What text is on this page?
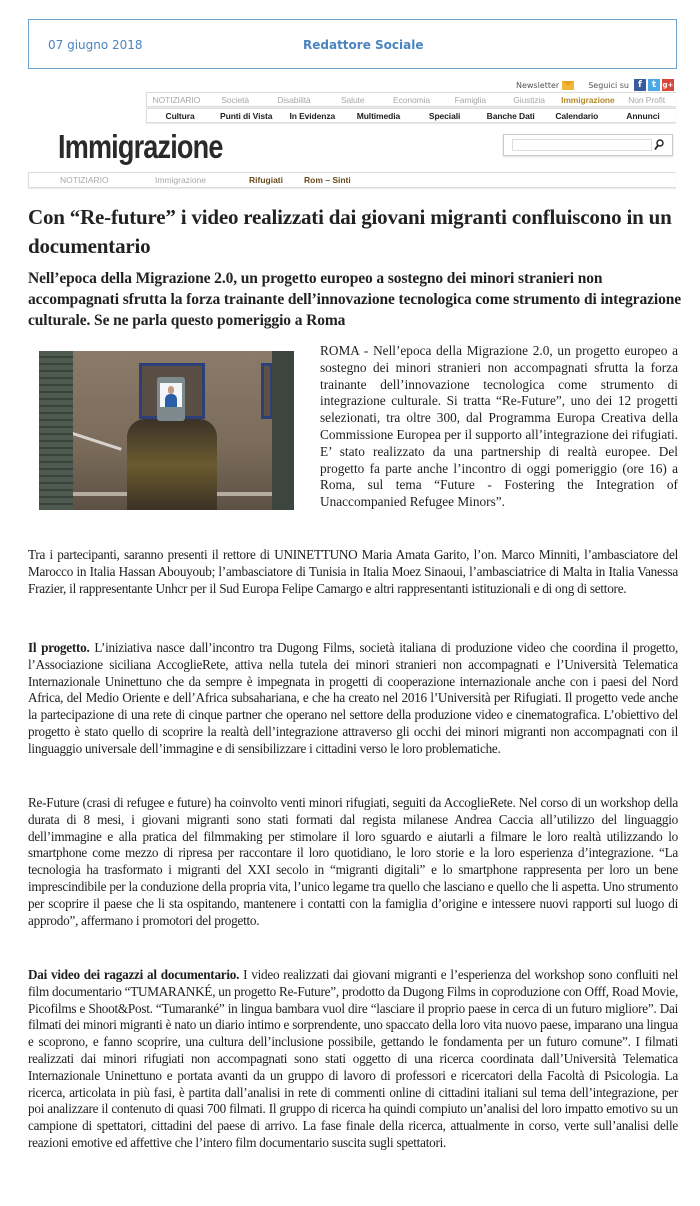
07 giugno 2018	Redattore Sociale
Newsletter	Seguici su	f	t g+
NOTIZIARIO	Società	Disabilità	Salute	Economia	Famiglia	Giustizia	Immigrazione	Non Profit
Cultura	Punti di Vista	In Evidenza	Multimedia	Speciali	Banche Dati	Calendario	Annunci
Immigrazione
NOTIZIARIO	Immigrazione	Rifugiati Rom – Sinti
Con “Re-future” i video realizzati dai giovani migranti confluiscono in un documentario
Nell’epoca della Migrazione 2.0, un progetto europeo a sostegno dei minori stranieri non accompagnati sfrutta la forza trainante dell’innovazione tecnologica come strumento di integrazione culturale. Se ne parla questo pomeriggio a Roma

ROMA - Nell’epoca della Migrazione 2.0, un progetto europeo a sostegno dei minori stranieri non accompagnati sfrutta la forza trainante dell’innovazione tecnologica come strumento di integrazione culturale. Si tratta “Re-Future”, uno dei 12 progetti selezionati, tra oltre 300, dal Programma Europa Creativa della Commissione Europea per il supporto all’integrazione dei rifugiati. E’ stato realizzato da una partnership di realtà europee. Del progetto fa parte anche l’incontro di oggi pomeriggio (ore 16) a Roma, sul tema “Future - Fostering the Integration of Unaccompanied Refugee Minors”.

Tra i partecipanti, saranno presenti il rettore di UNINETTUNO Maria Amata Garito, l’on. Marco Minniti, l’ambasciatore del Marocco in Italia Hassan Abouyoub; l’ambasciatore di Tunisia in Italia Moez Sinaoui, l’ambasciatrice di Malta in Italia Vanessa Frazier, il rappresentante Unhcr per il Sud Europa Felipe Camargo e altri rappresentanti istituzionali e di ong di settore.

Il progetto. L’iniziativa nasce dall’incontro tra Dugong Films, società italiana di produzione video che coordina il progetto, l’Associazione siciliana AccoglieRete, attiva nella tutela dei minori stranieri non accompagnati e l’Università Telematica Internazionale Uninettuno che da sempre è impegnata in progetti di cooperazione internazionale anche con i paesi del Nord Africa, del Medio Oriente e dell’Africa subsahariana, e che ha creato nel 2016 l’Università per Rifugiati. Il progetto vede anche la partecipazione di una rete di cinque partner che operano nel settore della produzione video e cinematografica. L’obiettivo del progetto è stato quello di scoprire la realtà dell’integrazione attraverso gli occhi dei minori migranti non accompagnati con il linguaggio universale dell’immagine e di sensibilizzare i cittadini verso le loro problematiche.

Re-Future (crasi di refugee e future) ha coinvolto venti minori rifugiati, seguiti da AccoglieRete. Nel corso di un workshop della durata di 8 mesi, i giovani migranti sono stati formati dal regista milanese Andrea Caccia all’utilizzo del linguaggio dell’immagine e alla pratica del filmmaking per stimolare il loro sguardo e aiutarli a filmare le loro realtà utilizzando lo smartphone come mezzo di ripresa per raccontare il loro quotidiano, le loro storie e la loro esperienza d’integrazione. “La tecnologia ha trasformato i migranti del XXI secolo in “migranti digitali” e lo smartphone rappresenta per loro un bene imprescindibile per la conduzione della propria vita, l’unico legame tra quello che lasciano e quello che li aspetta. Uno strumento per scoprire il paese che li sta ospitando, mantenere i contatti con la famiglia d’origine e intessere nuovi rapporti sul luogo di approdo”, affermano i promotori del progetto.

Dai video dei ragazzi al documentario. I video realizzati dai giovani migranti e l’esperienza del workshop sono confluiti nel film documentario “TUMARANKÉ, un progetto Re-Future”, prodotto da Dugong Films in coproduzione con Offf, Road Movie, Picofilms e Shoot&Post. “Tumaranké” in lingua bambara vuol dire “lasciare il proprio paese in cerca di un futuro migliore”. Dai filmati dei minori migranti è nato un diario intimo e sorprendente, uno spaccato della loro vita nuovo paese, imparano una lingua e scoprono, e fanno scoprire, una cultura dell’inclusione possibile, gettando le fondamenta per un futuro comune”. I filmati realizzati dai minori rifugiati non accompagnati sono stati oggetto di una ricerca coordinata dall’Università Telematica Internazionale Uninettuno e portata avanti da un gruppo di lavoro di professori e ricercatori della Facoltà di Psicologia. La ricerca, articolata in più fasi, è partita dall’analisi in rete di commenti online di cittadini italiani sul tema dell’integrazione, per poi analizzare il contenuto di quasi 700 filmati. Il gruppo di ricerca ha quindi compiuto un’analisi del loro impatto emotivo su un campione di spettatori, cittadini del paese di arrivo. La fase finale della ricerca, attualmente in corso, verte sull’analisi delle reazioni emotive ed affettive che l’intero film documentario suscita sugli spettatori.
